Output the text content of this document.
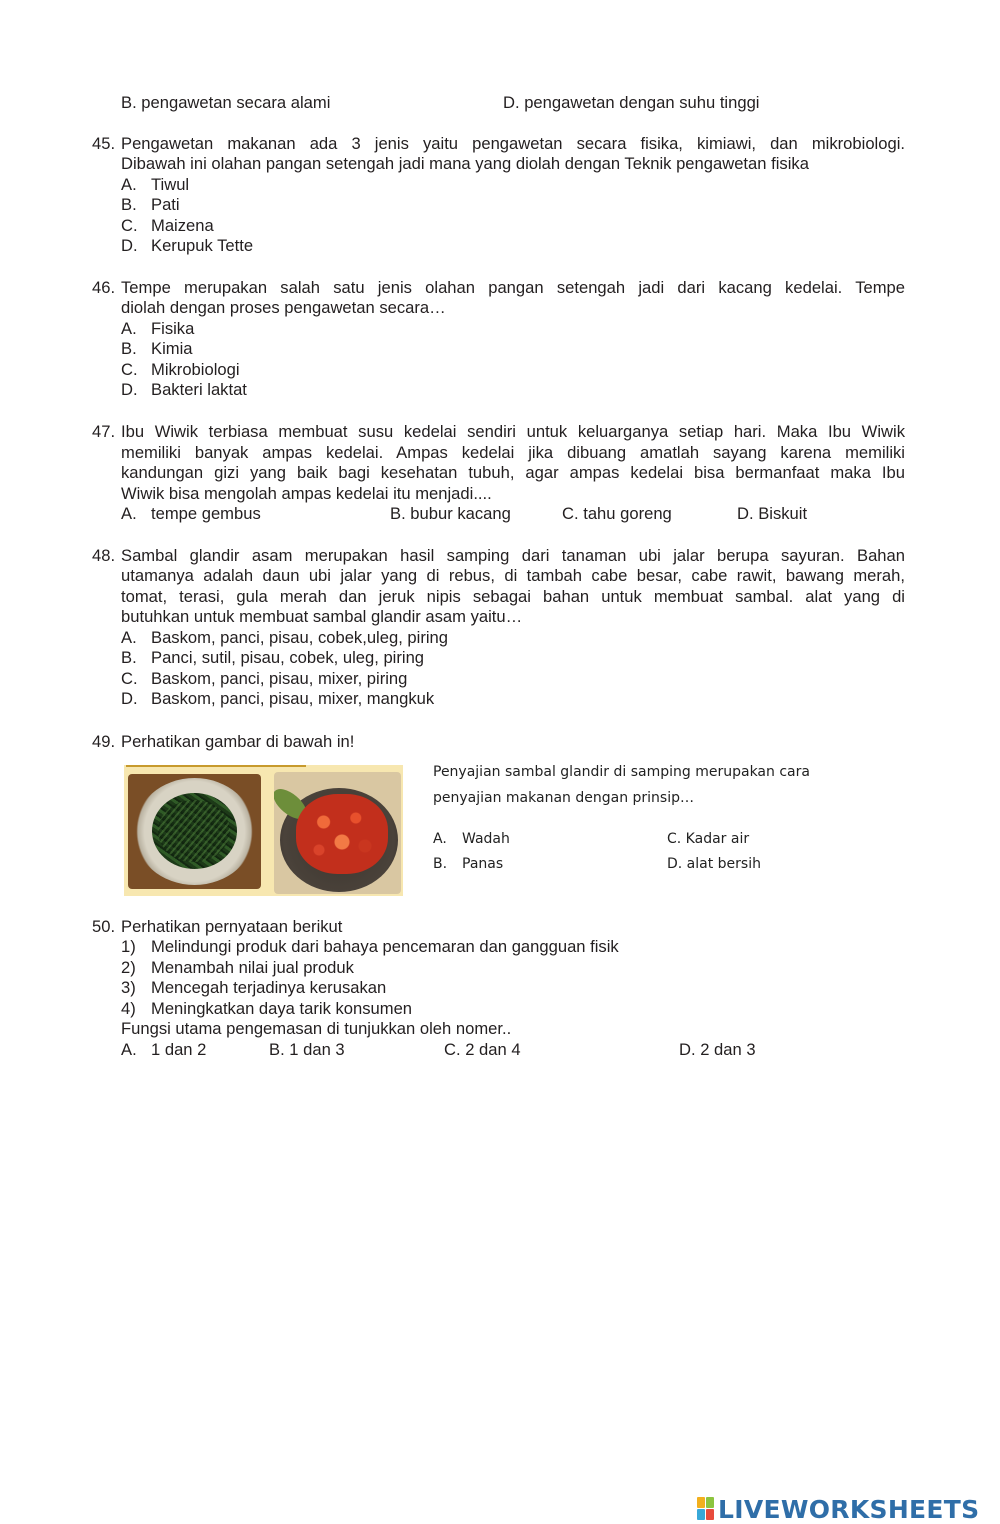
B. pengawetan secara alami	D. pengawetan dengan suhu tinggi
45. Pengawetan makanan ada 3 jenis yaitu pengawetan secara fisika, kimiawi, dan mikrobiologi.
Dibawah ini olahan pangan setengah jadi mana yang diolah dengan Teknik pengawetan fisika
A. Tiwul
B. Pati
C. Maizena
D. Kerupuk Tette
46. Tempe merupakan salah satu jenis olahan pangan setengah jadi dari kacang kedelai. Tempe
diolah dengan proses pengawetan secara…
A. Fisika
B. Kimia
C. Mikrobiologi
D. Bakteri laktat
47. Ibu Wiwik terbiasa membuat susu kedelai sendiri untuk keluarganya setiap hari. Maka Ibu Wiwik
memiliki banyak ampas kedelai. Ampas kedelai jika dibuang amatlah sayang karena memiliki
kandungan gizi yang baik bagi kesehatan tubuh, agar ampas kedelai bisa bermanfaat maka Ibu
Wiwik bisa mengolah ampas kedelai itu menjadi....
A. tempe gembus	B. bubur kacang	C. tahu goreng	D. Biskuit
48. Sambal glandir asam merupakan hasil samping dari tanaman ubi jalar berupa sayuran. Bahan
utamanya adalah daun ubi jalar yang di rebus, di tambah cabe besar, cabe rawit, bawang merah,
tomat, terasi, gula merah dan jeruk nipis sebagai bahan untuk membuat sambal. alat yang di
butuhkan untuk membuat sambal glandir asam yaitu…
A. Baskom, panci, pisau, cobek,uleg, piring
B. Panci, sutil, pisau, cobek, uleg, piring
C. Baskom, panci, pisau, mixer, piring
D. Baskom, panci, pisau, mixer, mangkuk
49. Perhatikan gambar di bawah in!
Penyajian sambal glandir di samping merupakan cara
penyajian makanan dengan prinsip…
A. Wadah	C. Kadar air
B. Panas	D. alat bersih
50. Perhatikan pernyataan berikut
1) Melindungi produk dari bahaya pencemaran dan gangguan fisik
2) Menambah nilai jual produk
3) Mencegah terjadinya kerusakan
4) Meningkatkan daya tarik konsumen
Fungsi utama pengemasan di tunjukkan oleh nomer..
A. 1 dan 2	B. 1 dan 3	C. 2 dan 4	D. 2 dan 3
LIVEWORKSHEETS
